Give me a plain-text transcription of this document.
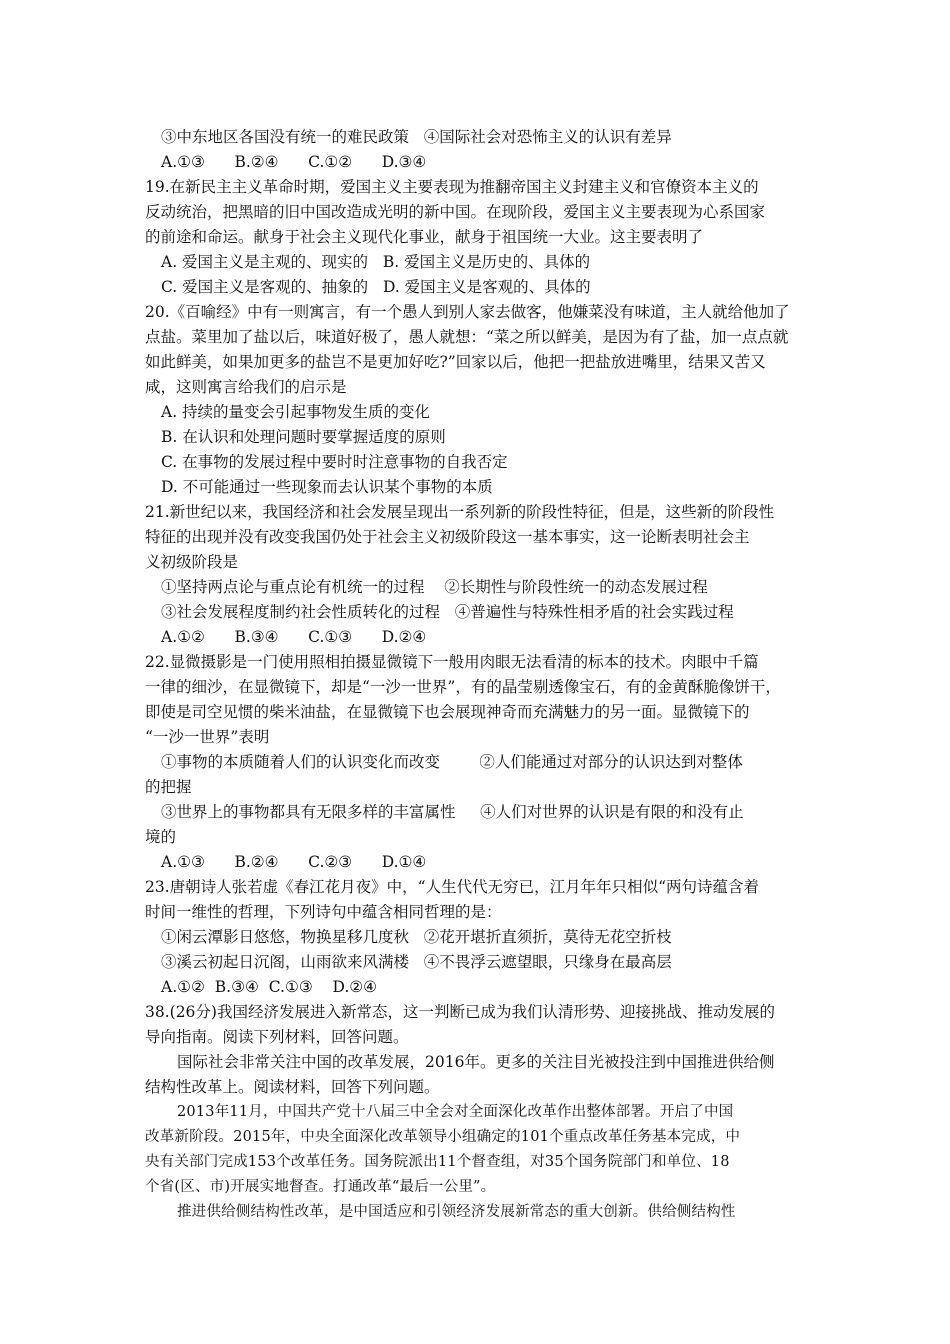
③中东地区各国没有统一的难民政策   ④国际社会对恐怖主义的认识有差异
A.①③      B.②④      C.①②      D.③④
19.在新民主主义革命时期，爱国主义主要表现为推翻帝国主义封建主义和官僚资本主义的
反动统治，把黑暗的旧中国改造成光明的新中国。在现阶段，爱国主义主要表现为心系国家
的前途和命运。献身于社会主义现代化事业，献身于祖国统一大业。这主要表明了
A. 爱国主义是主观的、现实的   B. 爱国主义是历史的、具体的
C. 爱国主义是客观的、抽象的   D. 爱国主义是客观的、具体的
20.《百喻经》中有一则寓言，有一个愚人到别人家去做客，他嫌菜没有味道，主人就给他加了
点盐。菜里加了盐以后，味道好极了，愚人就想：“菜之所以鲜美，是因为有了盐，加一点点就
如此鲜美，如果加更多的盐岂不是更加好吃?”回家以后，他把一把盐放进嘴里，结果又苦又
咸，这则寓言给我们的启示是
A. 持续的量变会引起事物发生质的变化
B. 在认识和处理问题时要掌握适度的原则
C. 在事物的发展过程中要时时注意事物的自我否定
D. 不可能通过一些现象而去认识某个事物的本质
21.新世纪以来，我国经济和社会发展呈现出一系列新的阶段性特征，但是，这些新的阶段性
特征的出现并没有改变我国仍处于社会主义初级阶段这一基本事实，这一论断表明社会主
义初级阶段是
①坚持两点论与重点论有机统一的过程    ②长期性与阶段性统一的动态发展过程
③社会发展程度制约社会性质转化的过程   ④普遍性与特殊性相矛盾的社会实践过程
A.①②      B.③④      C.①③      D.②④
22.显微摄影是一门使用照相拍摄显微镜下一般用肉眼无法看清的标本的技术。肉眼中千篇
一律的细沙，在显微镜下，却是“一沙一世界”，有的晶莹剔透像宝石，有的金黄酥脆像饼干，
即使是司空见惯的柴米油盐，在显微镜下也会展现神奇而充满魅力的另一面。显微镜下的
“一沙一世界”表明
①事物的本质随着人们的认识变化而改变        ②人们能通过对部分的认识达到对整体
的把握
③世界上的事物都具有无限多样的丰富属性     ④人们对世界的认识是有限的和没有止
境的
A.①③      B.②④      C.②③      D.①④
23.唐朝诗人张若虚《春江花月夜》中，“人生代代无穷已，江月年年只相似“两句诗蕴含着
时间一维性的哲理，下列诗句中蕴含相同哲理的是：
①闲云潭影日悠悠，物换星移几度秋   ②花开堪折直须折，莫待无花空折枝
③溪云初起日沉阁，山雨欲来风满楼   ④不畏浮云遮望眼，只缘身在最高层
A.①②  B.③④  C.①③    D.②④
38.(26分)我国经济发展进入新常态，这一判断已成为我们认清形势、迎接挑战、推动发展的
导向指南。阅读下列材料，回答问题。
国际社会非常关注中国的改革发展，2016年。更多的关注目光被投注到中国推进供给侧
结构性改革上。阅读材料，回答下列问题。
2013年11月，中国共产党十八届三中全会对全面深化改革作出整体部署。开启了中国
改革新阶段。2015年，中央全面深化改革领导小组确定的101个重点改革任务基本完成，中
央有关部门完成153个改革任务。国务院派出11个督查组，对35个国务院部门和单位、18
个省(区、市)开展实地督查。打通改革“最后一公里”。
推进供给侧结构性改革，是中国适应和引领经济发展新常态的重大创新。供给侧结构性
